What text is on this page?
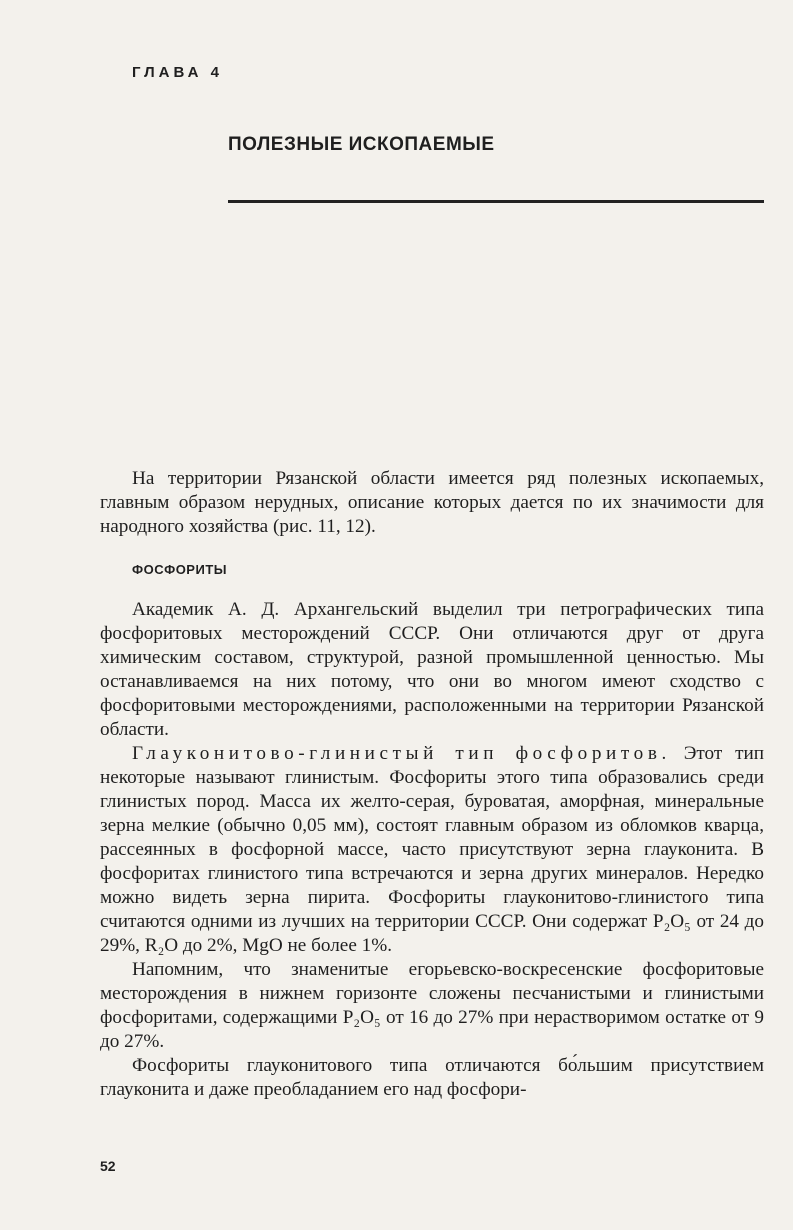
ГЛАВА 4
ПОЛЕЗНЫЕ ИСКОПАЕМЫЕ

На территории Рязанской области имеется ряд полезных ископаемых, главным образом нерудных, описание которых дается по их значимости для народного хозяйства (рис. 11, 12).

ФОСФОРИТЫ

Академик А. Д. Архангельский выделил три петрографических типа фосфоритовых месторождений СССР. Они отличаются друг от друга химическим составом, структурой, разной промышленной ценностью. Мы останавливаемся на них потому, что они во многом имеют сходство с фосфоритовыми месторождениями, расположенными на территории Рязанской области.

Глауконитово-глинистый тип фосфоритов. Этот тип некоторые называют глинистым. Фосфориты этого типа образовались среди глинистых пород. Масса их желто-серая, буроватая, аморфная, минеральные зерна мелкие (обычно 0,05 мм), состоят главным образом из обломков кварца, рассеянных в фосфорной массе, часто присутствуют зерна глауконита. В фосфоритах глинистого типа встречаются и зерна других минералов. Нередко можно видеть зерна пирита. Фосфориты глауконитово-глинистого типа считаются одними из лучших на территории СССР. Они содержат P₂O₅ от 24 до 29%, R₂O до 2%, MgO не более 1%.

Напомним, что знаменитые егорьевско-воскресенские фосфоритовые месторождения в нижнем горизонте сложены песчанистыми и глинистыми фосфоритами, содержащими P₂O₅ от 16 до 27% при нерастворимом остатке от 9 до 27%.

Фосфориты глауконитового типа отличаются бо́льшим присутствием глауконита и даже преобладанием его над фосфори-

52
